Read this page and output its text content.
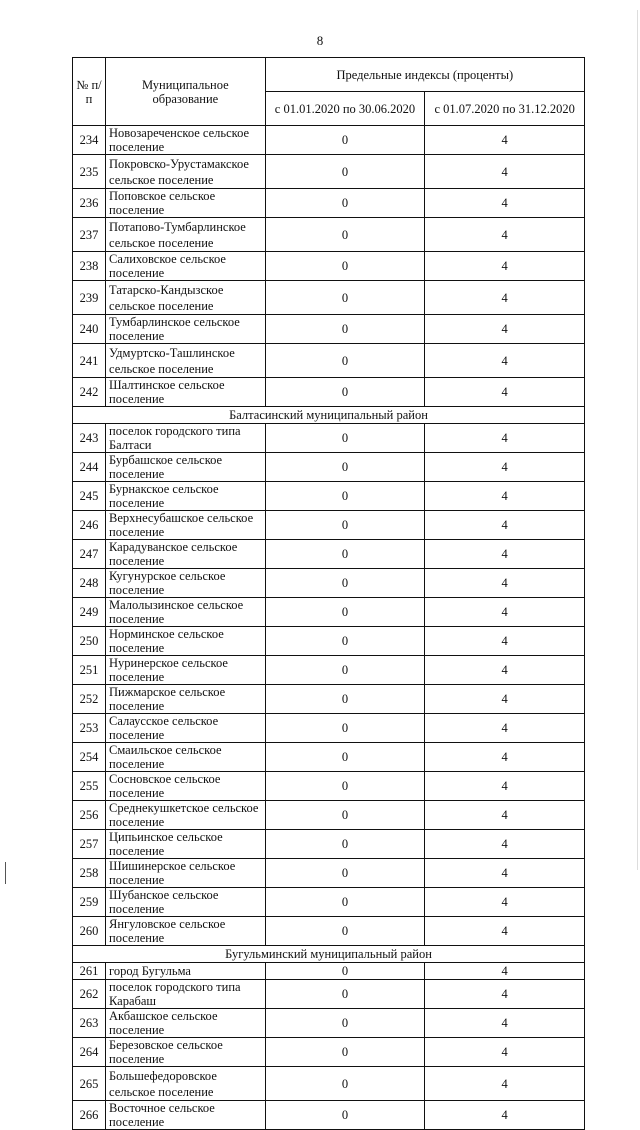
8
№ п/п	Муниципальное образование	Предельные индексы (проценты)	
		с 01.01.2020 по 30.06.2020	с 01.07.2020 по 31.12.2020
234	Новозареченское сельское поселение	0	4
235	Покровско-Урустамакское сельское поселение	0	4
236	Поповское сельское поселение	0	4
237	Потапово-Тумбарлинское сельское поселение	0	4
238	Салиховское сельское поселение	0	4
239	Татарско-Кандызское сельское поселение	0	4
240	Тумбарлинское сельское поселение	0	4
241	Удмуртско-Ташлинское сельское поселение	0	4
242	Шалтинское сельское поселение	0	4
Балтасинский муниципальный район			
243	поселок городского типа Балтаси	0	4
244	Бурбашское сельское поселение	0	4
245	Бурнакское сельское поселение	0	4
246	Верхнесубашское сельское поселение	0	4
247	Карадуванское сельское поселение	0	4
248	Кугунурское сельское поселение	0	4
249	Малолызинское сельское поселение	0	4
250	Норминское сельское поселение	0	4
251	Нуринерское сельское поселение	0	4
252	Пижмарское сельское поселение	0	4
253	Салаусское сельское поселение	0	4
254	Смаильское сельское поселение	0	4
255	Сосновское сельское поселение	0	4
256	Среднекушкетское сельское поселение	0	4
257	Ципьинское сельское поселение	0	4
258	Шишинерское сельское поселение	0	4
259	Шубанское сельское поселение	0	4
260	Янгуловское сельское поселение	0	4
Бугульминский муниципальный район			
261	город Бугульма	0	4
262	поселок городского типа Карабаш	0	4
263	Акбашское сельское поселение	0	4
264	Березовское сельское поселение	0	4
265	Большефедоровское сельское поселение	0	4
266	Восточное сельское поселение	0	4
